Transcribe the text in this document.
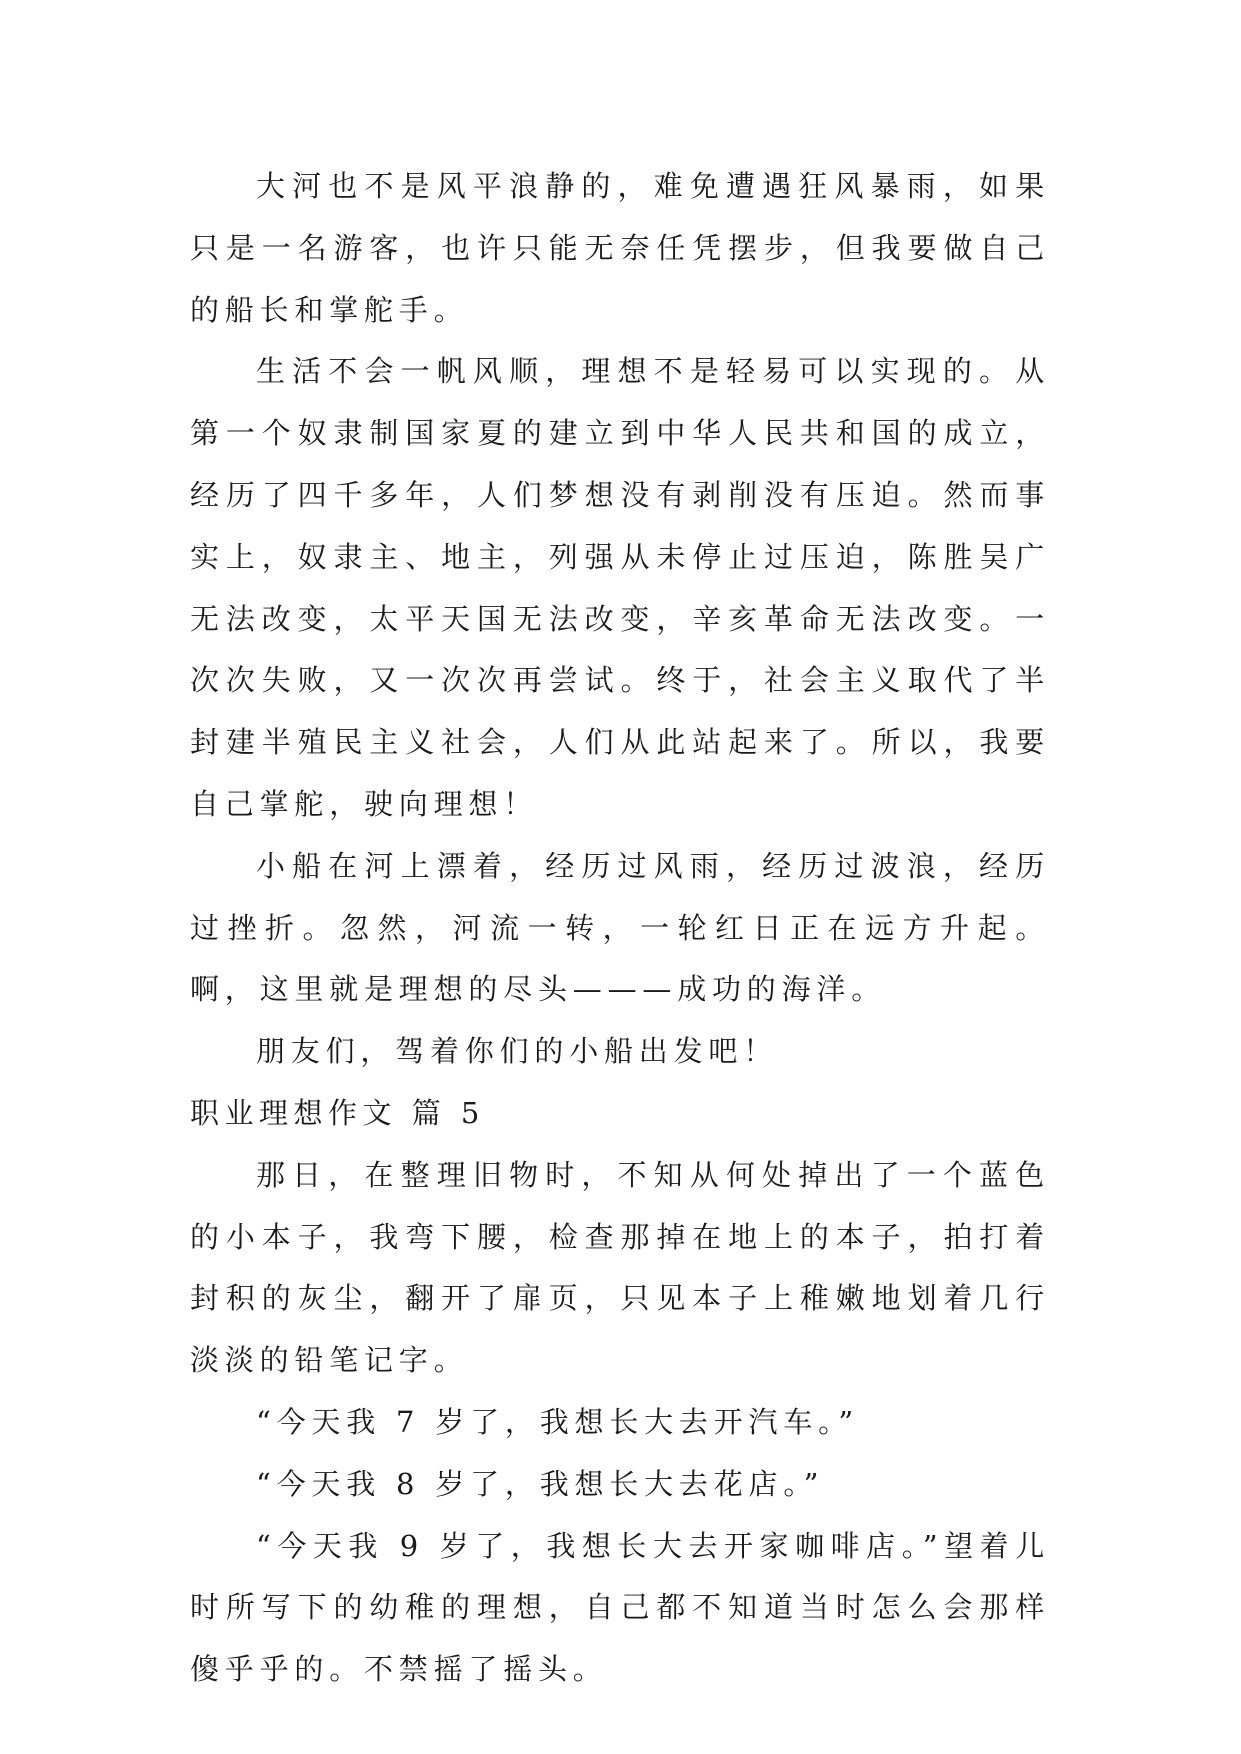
大河也不是风平浪静的，难免遭遇狂风暴雨，如果只是一名游客，也许只能无奈任凭摆步，但我要做自己的船长和掌舵手。

生活不会一帆风顺，理想不是轻易可以实现的。从第一个奴隶制国家夏的建立到中华人民共和国的成立，经历了四千多年，人们梦想没有剥削没有压迫。然而事实上，奴隶主、地主，列强从未停止过压迫，陈胜吴广无法改变，太平天国无法改变，辛亥革命无法改变。一次次失败，又一次次再尝试。终于，社会主义取代了半封建半殖民主义社会，人们从此站起来了。所以，我要自己掌舵，驶向理想！

小船在河上漂着，经历过风雨，经历过波浪，经历过挫折。忽然，河流一转，一轮红日正在远方升起。啊，这里就是理想的尽头———成功的海洋。

朋友们，驾着你们的小船出发吧！

职业理想作文 篇 5

那日，在整理旧物时，不知从何处掉出了一个蓝色的小本子，我弯下腰，检查那掉在地上的本子，拍打着封积的灰尘，翻开了扉页，只见本子上稚嫩地划着几行淡淡的铅笔记字。

“今天我 7 岁了，我想长大去开汽车。”

“今天我 8 岁了，我想长大去花店。”

“今天我 9 岁了，我想长大去开家咖啡店。”望着儿时所写下的幼稚的理想，自己都不知道当时怎么会那样傻乎乎的。不禁摇了摇头。
